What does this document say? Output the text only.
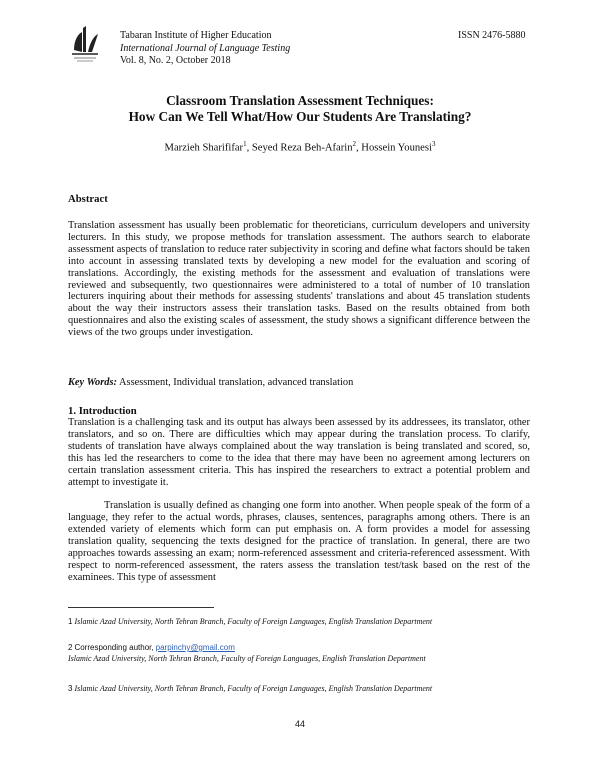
Tabaran Institute of Higher Education
International Journal of Language Testing
Vol. 8, No. 2, October 2018
ISSN 2476-5880
Classroom Translation Assessment Techniques:
How Can We Tell What/How Our Students Are Translating?
Marzieh Sharififar$^1$, Seyed Reza Beh-Afarin$^2$, Hossein Younesi$^3$
Abstract
Translation assessment has usually been problematic for theoreticians, curriculum developers and university lecturers. In this study, we propose methods for translation assessment. The authors search to elaborate assessment aspects of translation to reduce rater subjectivity in scoring and define what factors should be taken into account in assessing translated texts by developing a new model for the evaluation and scoring of translations. Accordingly, the existing methods for the assessment and evaluation of translations were reviewed and subsequently, two questionnaires were administered to a total of number of 10 translation lecturers inquiring about their methods for assessing students' translations and about 45 translation students about the way their instructors assess their translation tasks. Based on the results obtained from both questionnaires and also the existing scales of assessment, the study shows a significant difference between the views of the two groups under investigation.
Key Words: Assessment, Individual translation, advanced translation
1. Introduction

Translation is a challenging task and its output has always been assessed by its addressees, its translator, other translators, and so on. There are difficulties which may appear during the translation process. To clarify, students of translation have always complained about the way translation is being translated and scored, so, this has led the researchers to come to the idea that there may have been no agreement among lecturers on certain translation assessment criteria. This has inspired the researchers to extract a potential problem and attempt to investigate it.

Translation is usually defined as changing one form into another. When people speak of the form of a language, they refer to the actual words, phrases, clauses, sentences, paragraphs among others. There is an extended variety of elements which form can put emphasis on. A form provides a model for assessing translation quality, sequencing the texts designed for the practice of translation. In general, there are two approaches towards assessing an exam; norm-referenced assessment and criteria-referenced assessment. With respect to norm-referenced assessment, the raters assess the translation test/task based on the rest of the examinees. This type of assessment

1 Islamic Azad University, North Tehran Branch, Faculty of Foreign Languages, English Translation Department
2 Corresponding author, parpinchy@gmail.com
Islamic Azad University, North Tehran Branch, Faculty of Foreign Languages, English Translation Department
3 Islamic Azad University, North Tehran Branch, Faculty of Foreign Languages, English Translation Department
44
